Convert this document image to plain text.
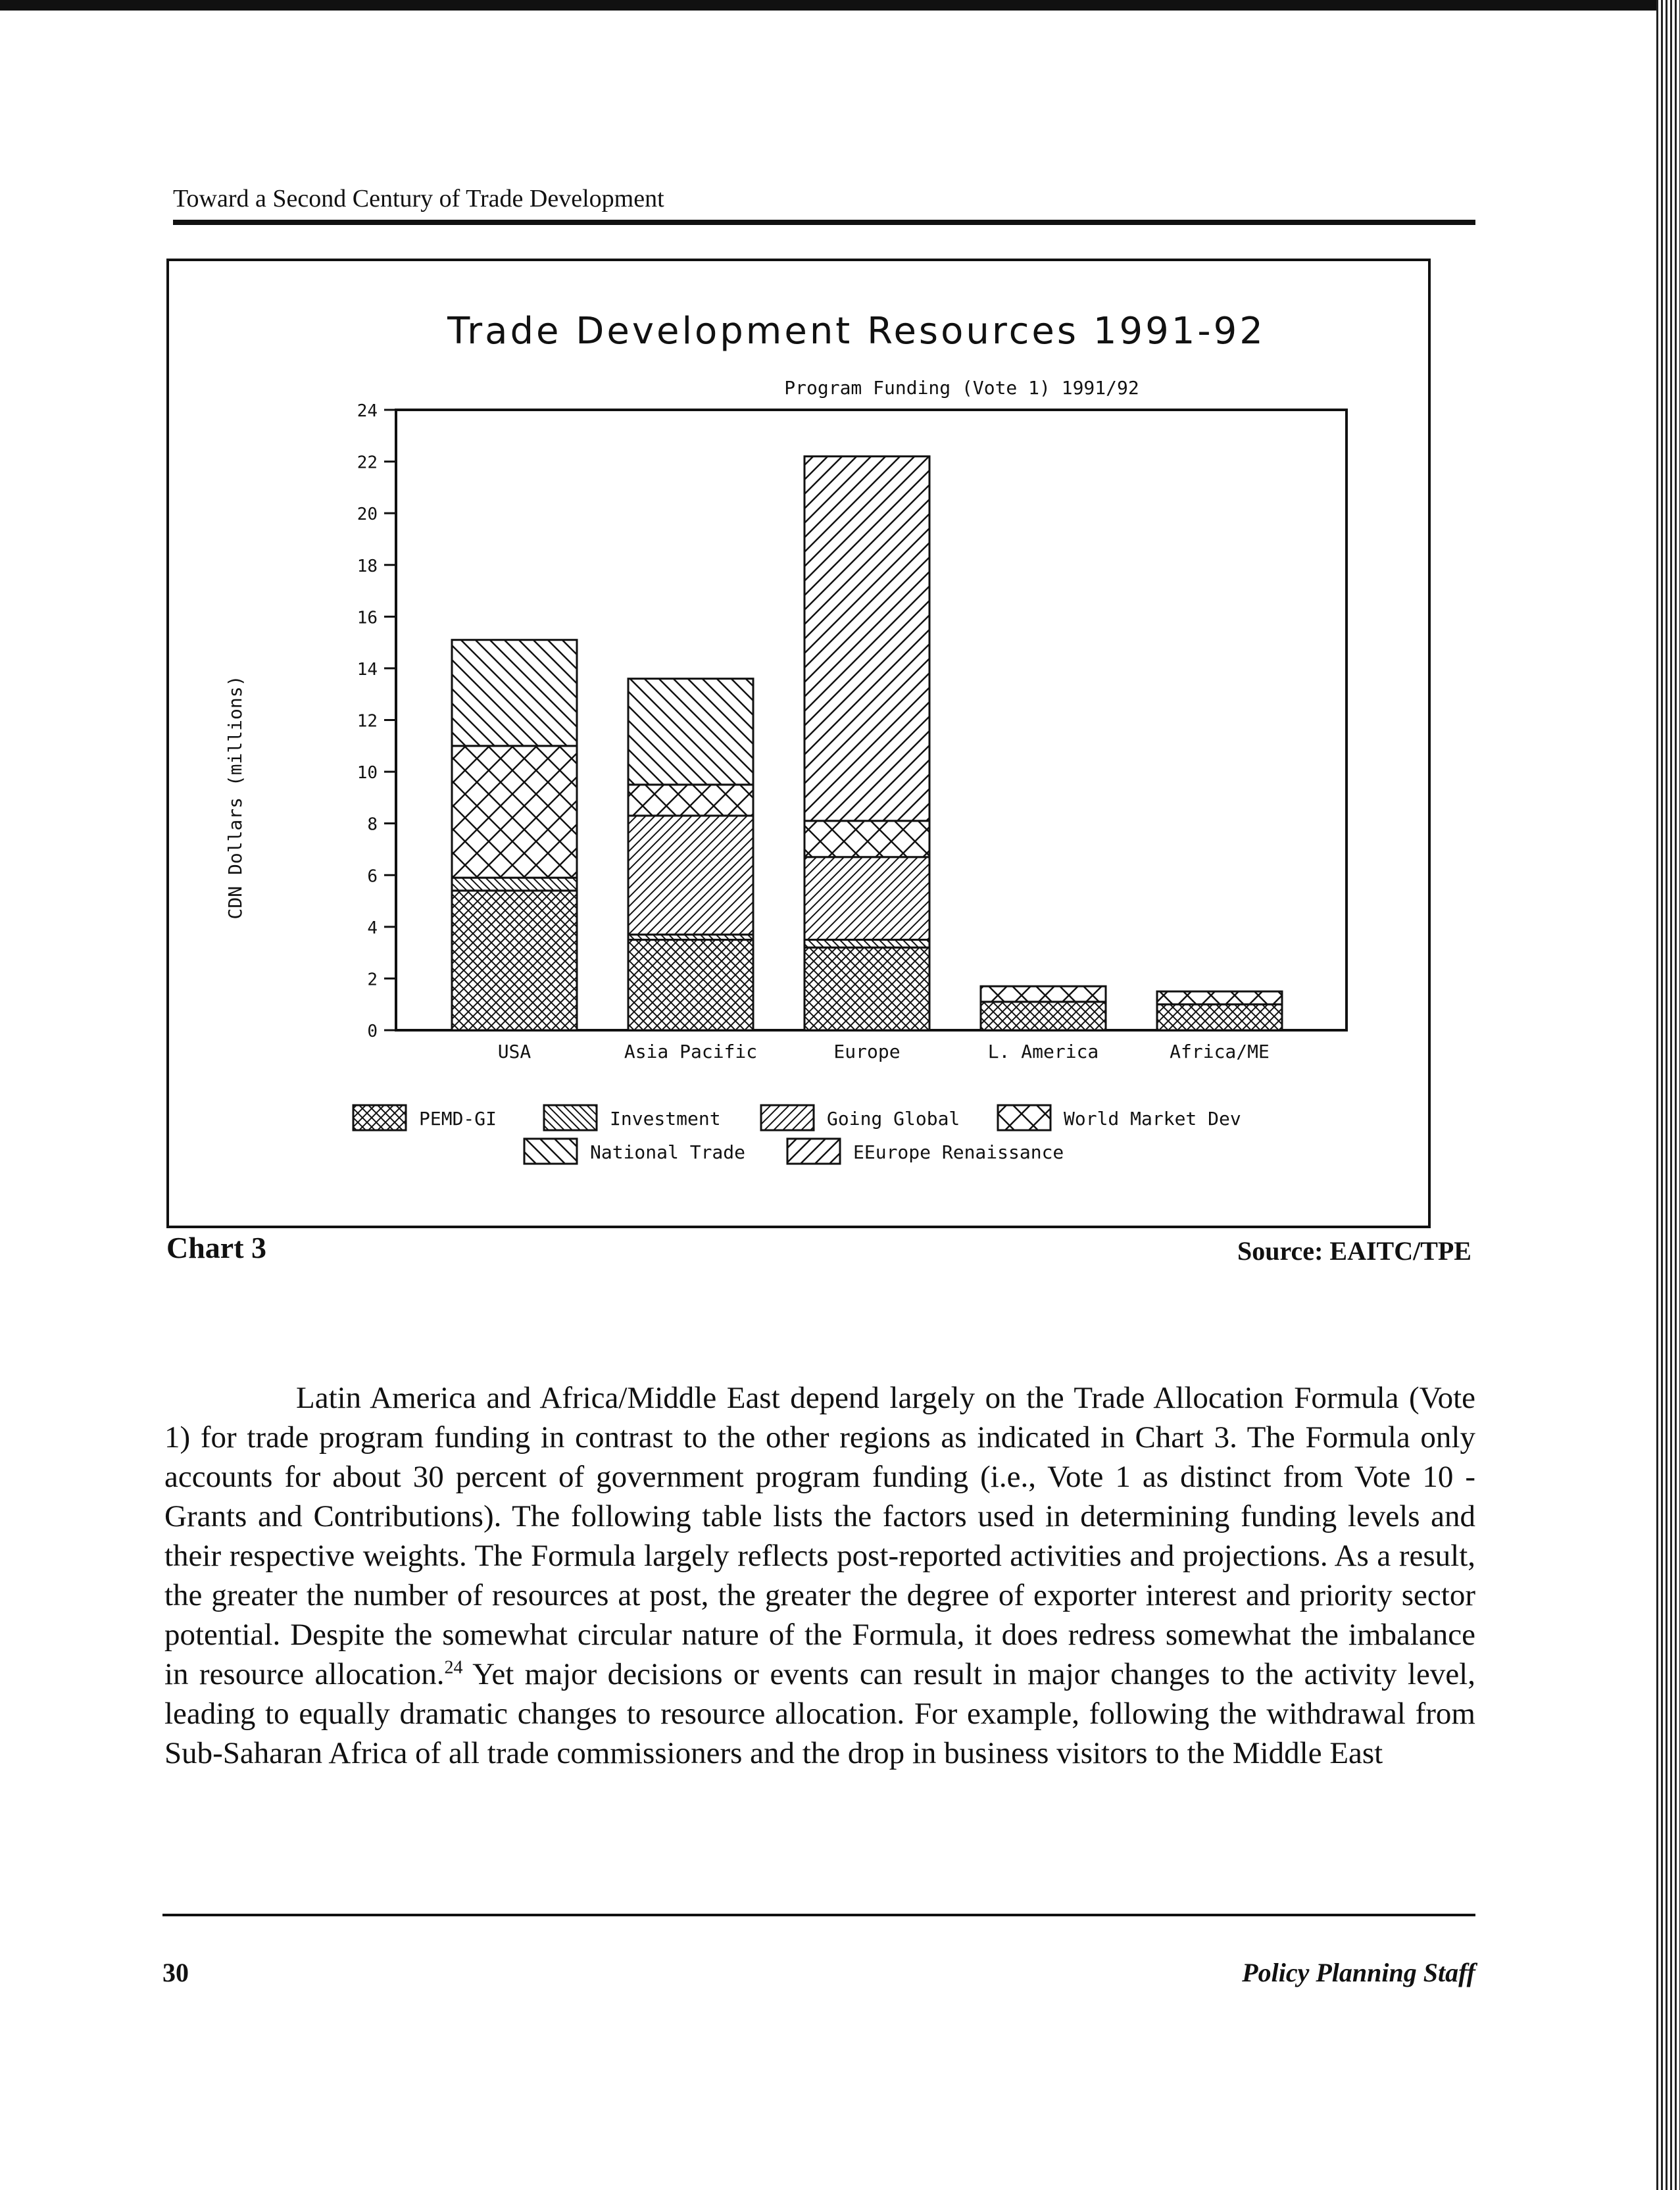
Toward a Second Century of Trade Development
Trade Development Resources 1991-92
Program Funding (Vote 1) 1991/92
CDN Dollars (millions)
0
2
4
6
8
10
12
14
16
18
20
22
24
USA	Asia Pacific	Europe	L. America	Africa/ME
PEMD-GI	Investment	Going Global	World Market Dev
National Trade	EEurope Renaissance
Chart 3	Source: EAITC/TPE
Latin America and Africa/Middle East depend largely on the Trade Allocation Formula (Vote 1) for trade program funding in contrast to the other regions as indicated in Chart 3. The Formula only accounts for about 30 percent of government program funding (i.e., Vote 1 as distinct from Vote 10 - Grants and Contributions). The following table lists the factors used in determining funding levels and their respective weights. The Formula largely reflects post-reported activities and projections. As a result, the greater the number of resources at post, the greater the degree of exporter interest and priority sector potential. Despite the somewhat circular nature of the Formula, it does redress somewhat the imbalance in resource allocation.$^{24}$ Yet major decisions or events can result in major changes to the activity level, leading to equally dramatic changes to resource allocation. For example, following the withdrawal from Sub-Saharan Africa of all trade commissioners and the drop in business visitors to the Middle East
30	Policy Planning Staff
